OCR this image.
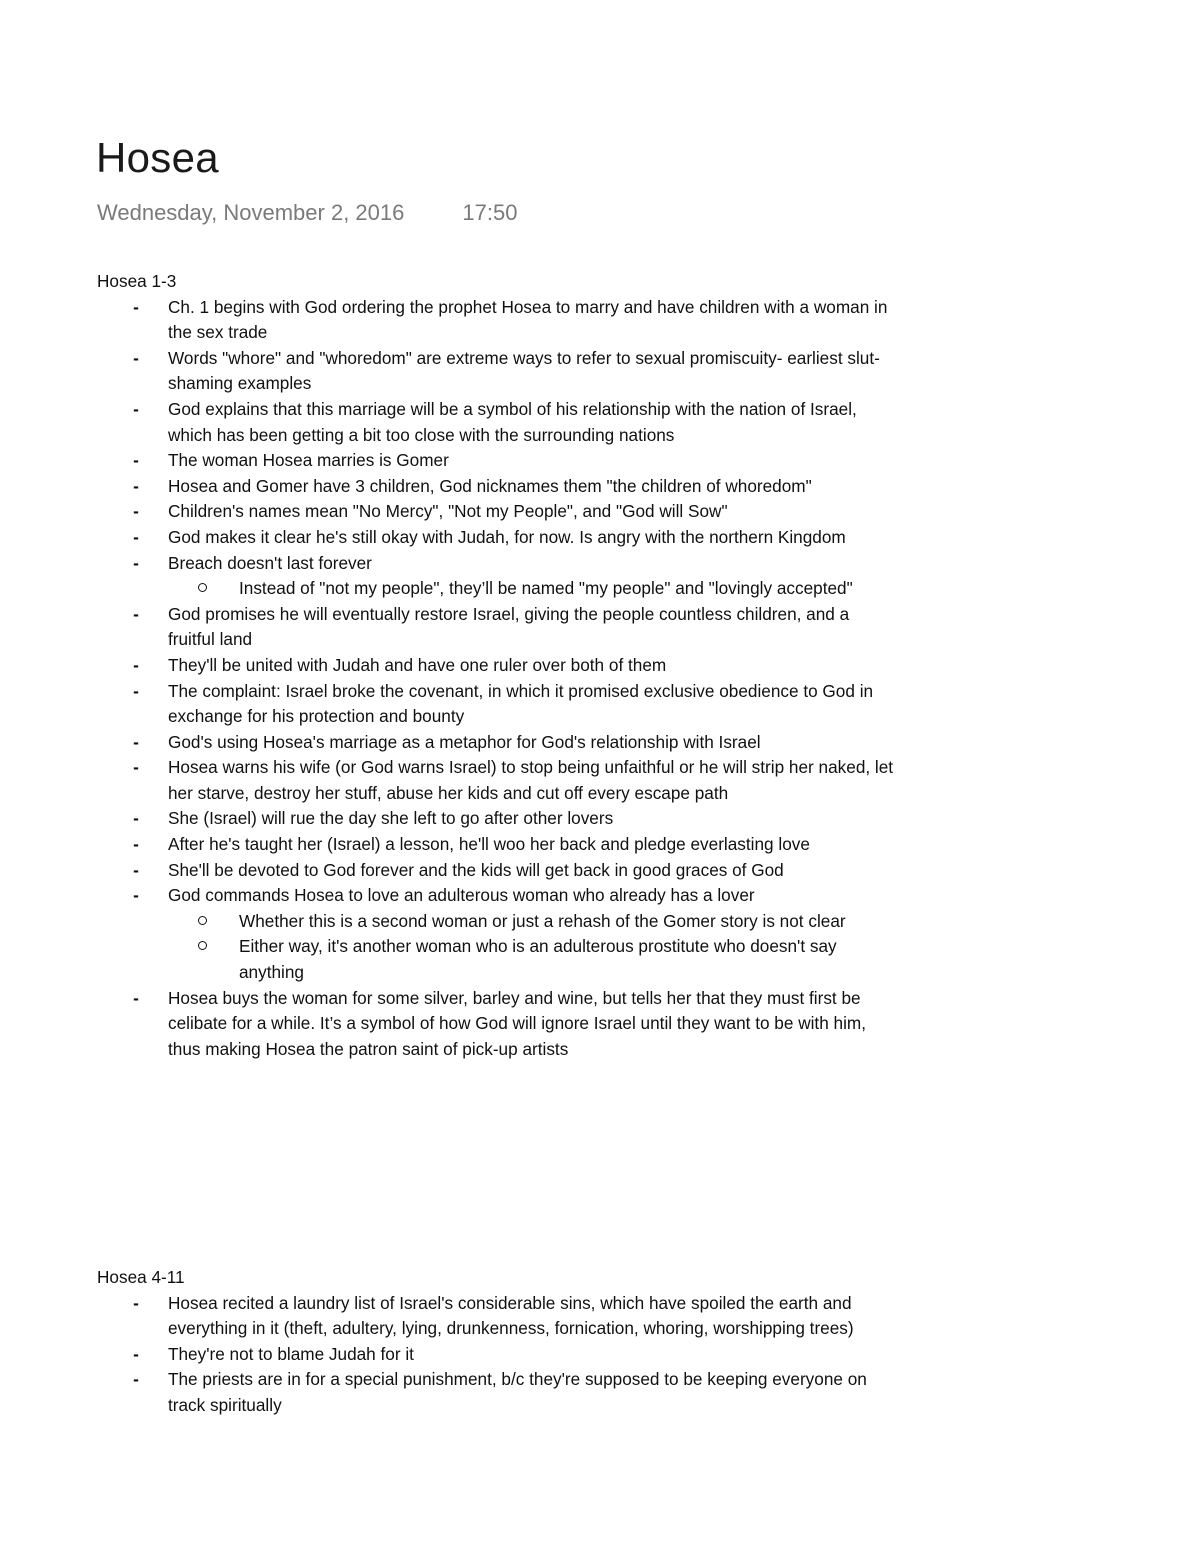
Hosea
Wednesday, November 2, 2016	17:50
Hosea 1-3
- Ch. 1 begins with God ordering the prophet Hosea to marry and have children with a woman in the sex trade
- Words "whore" and "whoredom" are extreme ways to refer to sexual promiscuity- earliest slut-shaming examples
- God explains that this marriage will be a symbol of his relationship with the nation of Israel, which has been getting a bit too close with the surrounding nations
- The woman Hosea marries is Gomer
- Hosea and Gomer have 3 children, God nicknames them "the children of whoredom"
- Children's names mean "No Mercy", "Not my People", and "God will Sow"
- God makes it clear he's still okay with Judah, for now. Is angry with the northern Kingdom
- Breach doesn't last forever
Instead of "not my people", they’ll be named "my people" and "lovingly accepted"
- God promises he will eventually restore Israel, giving the people countless children, and a fruitful land
- They'll be united with Judah and have one ruler over both of them
- The complaint: Israel broke the covenant, in which it promised exclusive obedience to God in exchange for his protection and bounty
- God's using Hosea's marriage as a metaphor for God's relationship with Israel
- Hosea warns his wife (or God warns Israel) to stop being unfaithful or he will strip her naked, let her starve, destroy her stuff, abuse her kids and cut off every escape path
- She (Israel) will rue the day she left to go after other lovers
- After he's taught her (Israel) a lesson, he'll woo her back and pledge everlasting love
- She'll be devoted to God forever and the kids will get back in good graces of God
- God commands Hosea to love an adulterous woman who already has a lover
Whether this is a second woman or just a rehash of the Gomer story is not clear
Either way, it's another woman who is an adulterous prostitute who doesn't say anything
- Hosea buys the woman for some silver, barley and wine, but tells her that they must first be celibate for a while. It’s a symbol of how God will ignore Israel until they want to be with him, thus making Hosea the patron saint of pick-up artists
Hosea 4-11
- Hosea recited a laundry list of Israel's considerable sins, which have spoiled the earth and everything in it (theft, adultery, lying, drunkenness, fornication, whoring, worshipping trees)
- They're not to blame Judah for it
- The priests are in for a special punishment, b/c they're supposed to be keeping everyone on track spiritually
